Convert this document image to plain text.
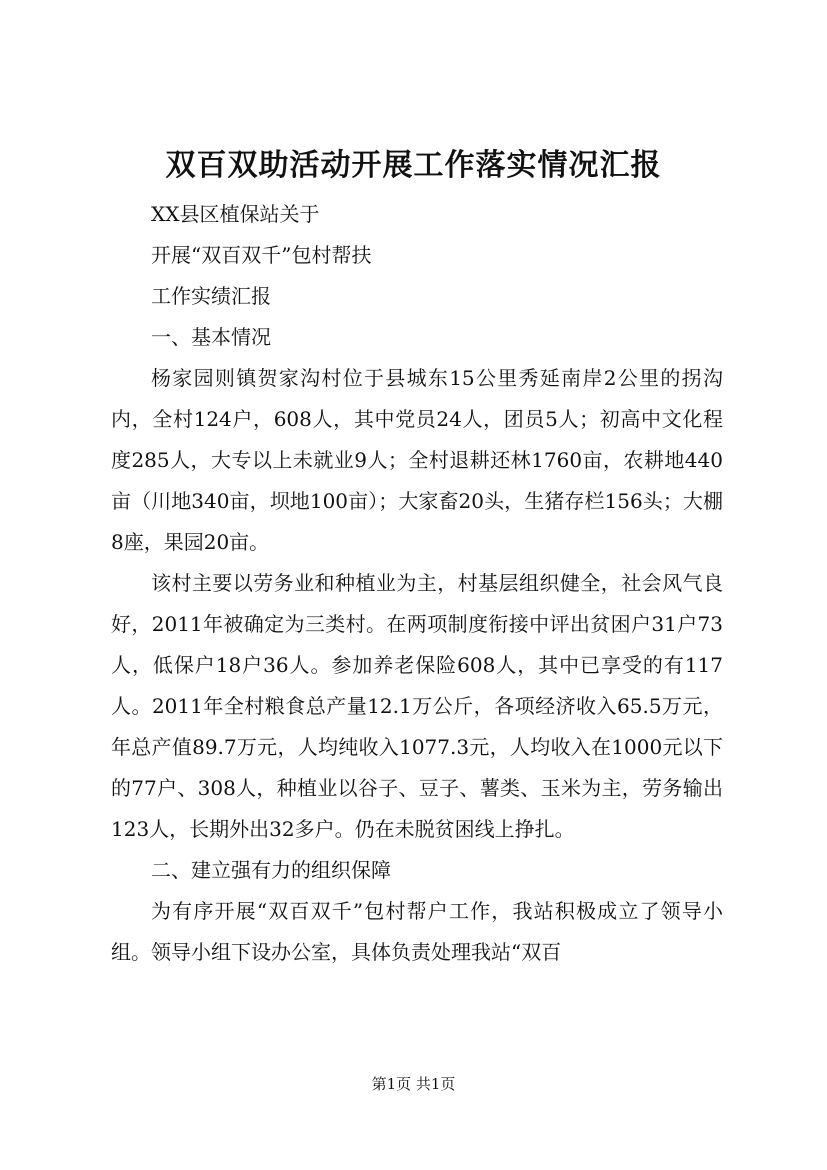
双百双助活动开展工作落实情况汇报

XX县区植保站关于

开展“双百双千”包村帮扶

工作实绩汇报

一、基本情况

杨家园则镇贺家沟村位于县城东15公里秀延南岸2公里的拐沟内，全村124户，608人，其中党员24人，团员5人；初高中文化程度285人，大专以上未就业9人；全村退耕还林1760亩，农耕地440亩（川地340亩，坝地100亩）；大家畜20头，生猪存栏156头；大棚8座，果园20亩。

该村主要以劳务业和种植业为主，村基层组织健全，社会风气良好，2011年被确定为三类村。在两项制度衔接中评出贫困户31户73人，低保户18户36人。参加养老保险608人，其中已享受的有117人。2011年全村粮食总产量12.1万公斤，各项经济收入65.5万元，年总产值89.7万元，人均纯收入1077.3元，人均收入在1000元以下的77户、308人，种植业以谷子、豆子、薯类、玉米为主，劳务输出123人，长期外出32多户。仍在未脱贫困线上挣扎。

二、建立强有力的组织保障

为有序开展“双百双千”包村帮户工作，我站积极成立了领导小组。领导小组下设办公室，具体负责处理我站“双百

第1页 共1页
